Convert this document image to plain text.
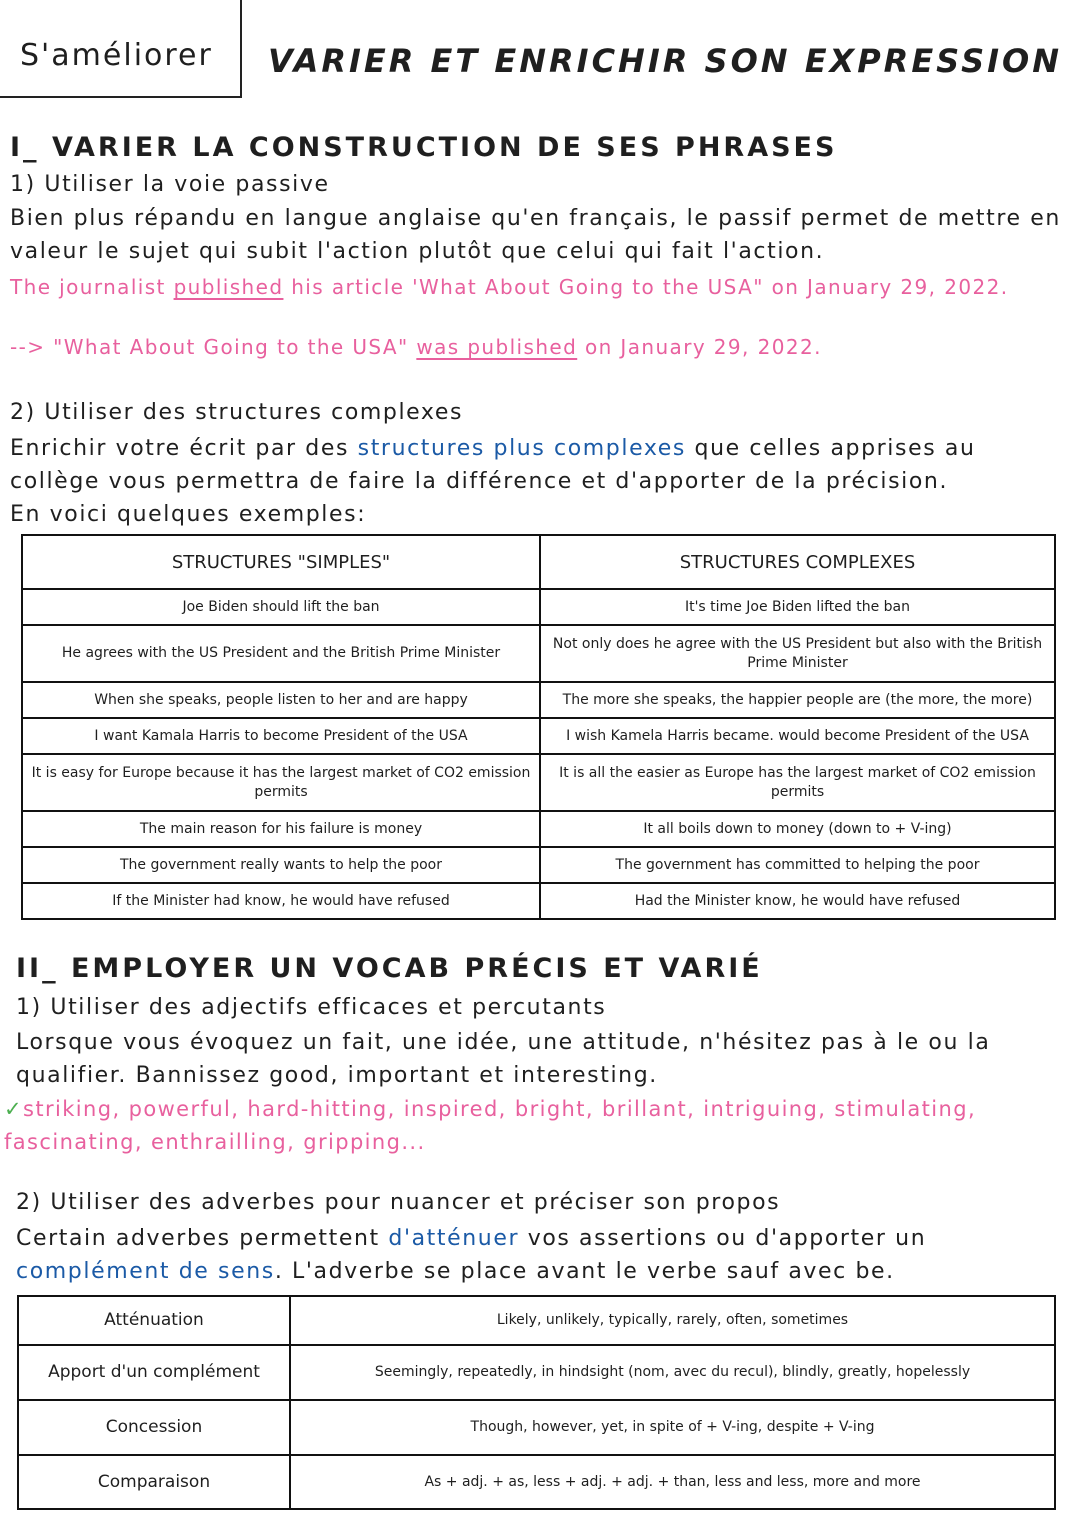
S'améliorer VARIER ET ENRICHIR SON EXPRESSION
I_ VARIER LA CONSTRUCTION DE SES PHRASES
1) Utiliser la voie passive
Bien plus répandu en langue anglaise qu'en français, le passif permet de mettre en valeur le sujet qui subit l'action plutôt que celui qui fait l'action.
The journalist published his article 'What About Going to the USA" on January 29, 2022.
--> "What About Going to the USA" was published on January 29, 2022.
2) Utiliser des structures complexes
Enrichir votre écrit par des structures plus complexes que celles apprises au collège vous permettra de faire la différence et d'apporter de la précision.
En voici quelques exemples:
STRUCTURES "SIMPLES"	STRUCTURES COMPLEXES
Joe Biden should lift the ban	It's time Joe Biden lifted the ban
He agrees with the US President and the British Prime Minister	Not only does he agree with the US President but also with the British Prime Minister
When she speaks, people listen to her and are happy	The more she speaks, the happier people are (the more, the more)
I want Kamala Harris to become President of the USA	I wish Kamela Harris became. would become President of the USA
It is easy for Europe because it has the largest market of CO2 emission permits	It is all the easier as Europe has the largest market of CO2 emission permits
The main reason for his failure is money	It all boils down to money (down to + V-ing)
The government really wants to help the poor	The government has committed to helping the poor
If the Minister had know, he would have refused	Had the Minister know, he would have refused
II_ EMPLOYER UN VOCAB PRÉCIS ET VARIÉ
1) Utiliser des adjectifs efficaces et percutants
Lorsque vous évoquez un fait, une idée, une attitude, n'hésitez pas à le ou la qualifier. Bannissez good, important et interesting.
✓striking, powerful, hard-hitting, inspired, bright, brillant, intriguing, stimulating, fascinating, enthrailling, gripping...
2) Utiliser des adverbes pour nuancer et préciser son propos
Certain adverbes permettent d'atténuer vos assertions ou d'apporter un complément de sens. L'adverbe se place avant le verbe sauf avec be.
Atténuation	Likely, unlikely, typically, rarely, often, sometimes
Apport d'un complément	Seemingly, repeatedly, in hindsight (nom, avec du recul), blindly, greatly, hopelessly
Concession	Though, however, yet, in spite of + V-ing, despite + V-ing
Comparaison	As + adj. + as, less + adj. + adj. + than, less and less, more and more
